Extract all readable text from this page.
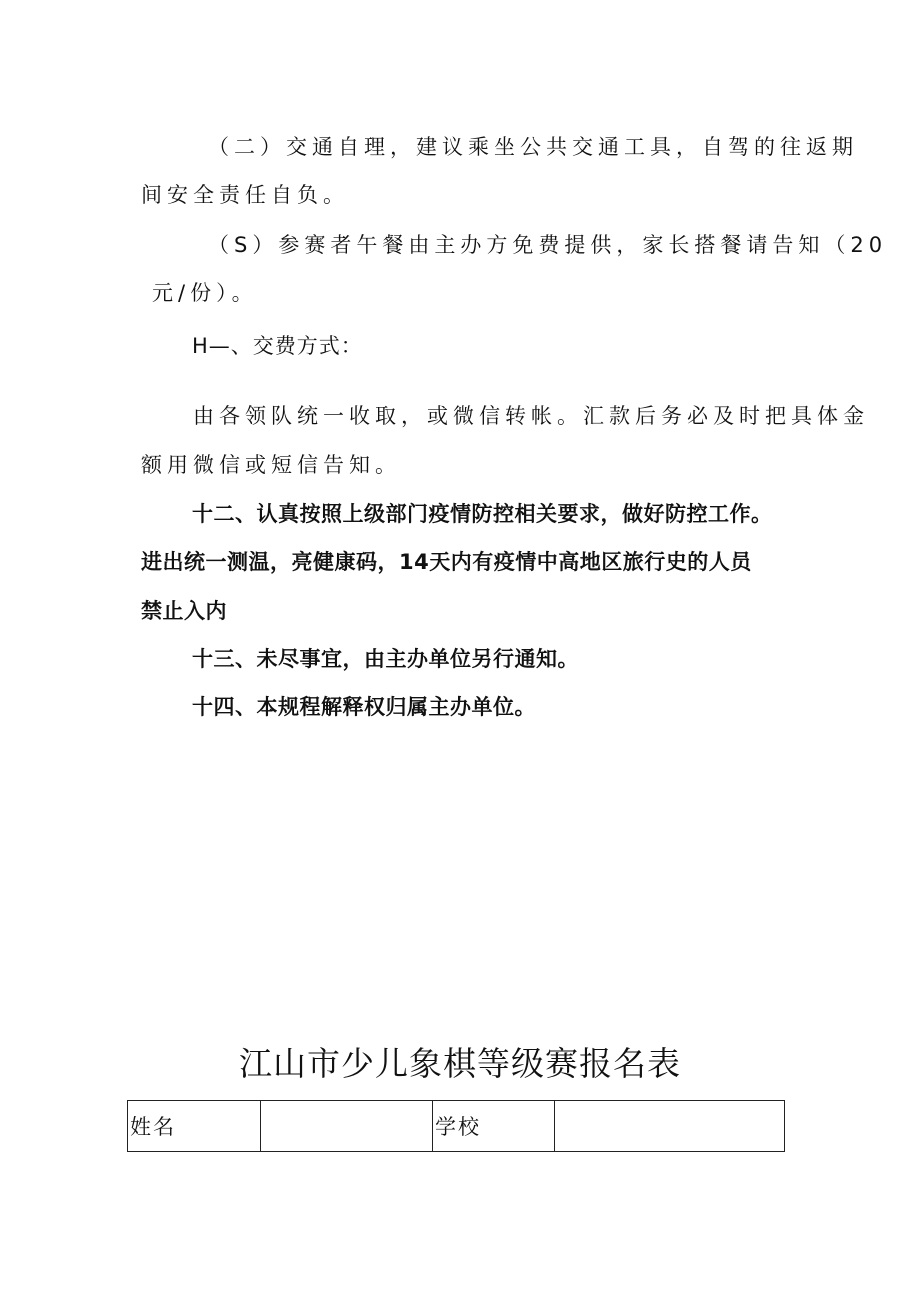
（二）交通自理，建议乘坐公共交通工具，自驾的往返期
间安全责任自负。
（S）参赛者午餐由主办方免费提供，家长搭餐请告知（20
元/份）。
H—、交费方式：
由各领队统一收取，或微信转帐。汇款后务必及时把具体金
额用微信或短信告知。
十二、认真按照上级部门疫情防控相关要求，做好防控工作。
进出统一测温，亮健康码，14天内有疫情中高地区旅行史的人员
禁止入内
十三、未尽事宜，由主办单位另行通知。
十四、本规程解释权归属主办单位。
江山市少儿象棋等级赛报名表
姓名		学校	
